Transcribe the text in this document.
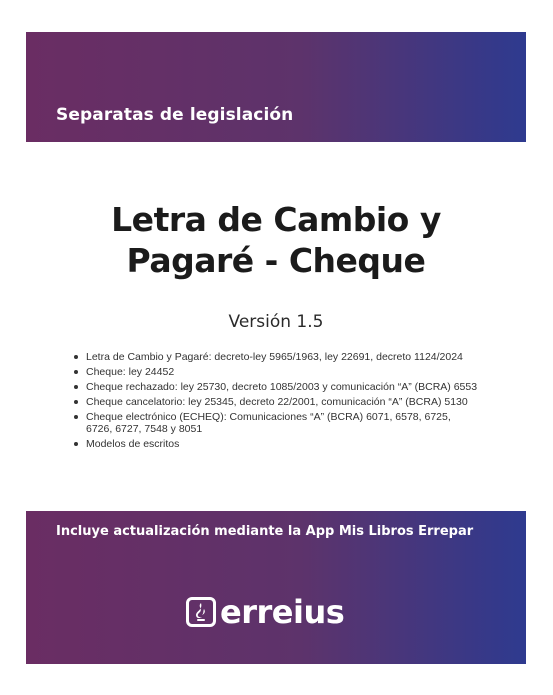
Separatas de legislación
Letra de Cambio y
Pagaré - Cheque
Versión 1.5
Letra de Cambio y Pagaré: decreto-ley 5965/1963, ley 22691, decreto 1124/2024
Cheque: ley 24452
Cheque rechazado: ley 25730, decreto 1085/2003 y comunicación “A” (BCRA) 6553
Cheque cancelatorio: ley 25345, decreto 22/2001, comunicación “A” (BCRA) 5130
Cheque electrónico (ECHEQ): Comunicaciones “A” (BCRA) 6071, 6578, 6725, 6726, 6727, 7548 y 8051
Modelos de escritos
Incluye actualización mediante la App Mis Libros Errepar
erreius
